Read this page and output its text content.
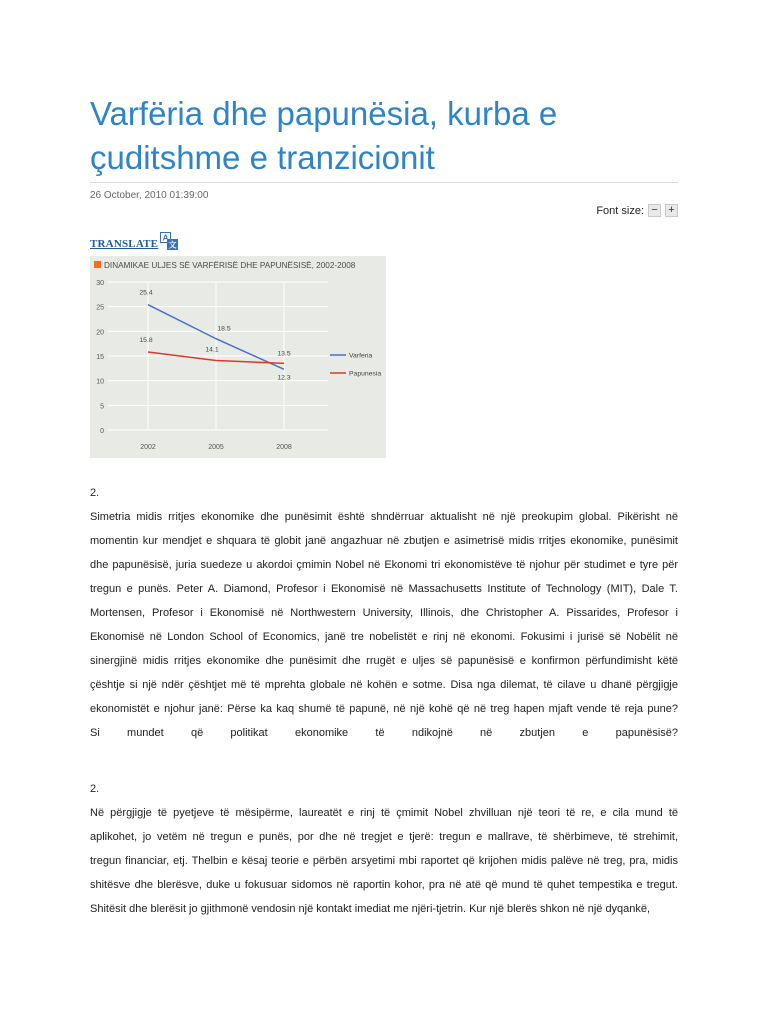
Varfëria dhe papunësia, kurba e çuditshme e tranzicionit
26 October, 2010 01:39:00
Font size: − +
TRANSLATE A
文
DINAMIKAE ULJES SË VARFËRISË DHE PAPUNËSISË, 2002-2008
0
5
10
15
20
25
30
2002	2005	2008
25.4
18.5
12.3
Varferia
15.8
14.1
13.5
Papunesia
2.
Simetria midis rritjes ekonomike dhe punësimit është shndërruar aktualisht në një preokupim global. Pikërisht në
momentin kur mendjet e shquara të globit janë angazhuar në zbutjen e asimetrisë midis rritjes ekonomike, punësimit
dhe papunësisë, juria suedeze u akordoi çmimin Nobel në Ekonomi tri ekonomistëve të njohur për studimet e tyre për
tregun e punës. Peter A. Diamond, Profesor i Ekonomisë në Massachusetts Institute of Technology (MIT), Dale T.
Mortensen, Profesor i Ekonomisë në Northwestern University, Illinois, dhe Christopher A. Pissarides, Profesor i
Ekonomisë në London School of Economics, janë tre nobelistët e rinj në ekonomi. Fokusimi i jurisë së Nobëlit në
sinergjinë midis rritjes ekonomike dhe punësimit dhe rrugët e uljes së papunësisë e konfirmon përfundimisht këtë
çështje si një ndër çështjet më të mprehta globale në kohën e sotme. Disa nga dilemat, të cilave u dhanë përgjigje
ekonomistët e njohur janë: Përse ka kaq shumë të papunë, në një kohë që në treg hapen mjaft vende të reja pune?
Si mundet që politikat ekonomike të ndikojnë në zbutjen e papunësisë?
2.
Në përgjigje të pyetjeve të mësipërme, laureatët e rinj të çmimit Nobel zhvilluan një teori të re, e cila mund të
aplikohet, jo vetëm në tregun e punës, por dhe në tregjet e tjerë: tregun e mallrave, të shërbimeve, të strehimit,
tregun financiar, etj. Thelbin e kësaj teorie e përbën arsyetimi mbi raportet që krijohen midis palëve në treg, pra, midis
shitësve dhe blerësve, duke u fokusuar sidomos në raportin kohor, pra në atë që mund të quhet tempestika e tregut.
Shitësit dhe blerësit jo gjithmonë vendosin një kontakt imediat me njëri-tjetrin. Kur një blerës shkon në një dyqankë,
